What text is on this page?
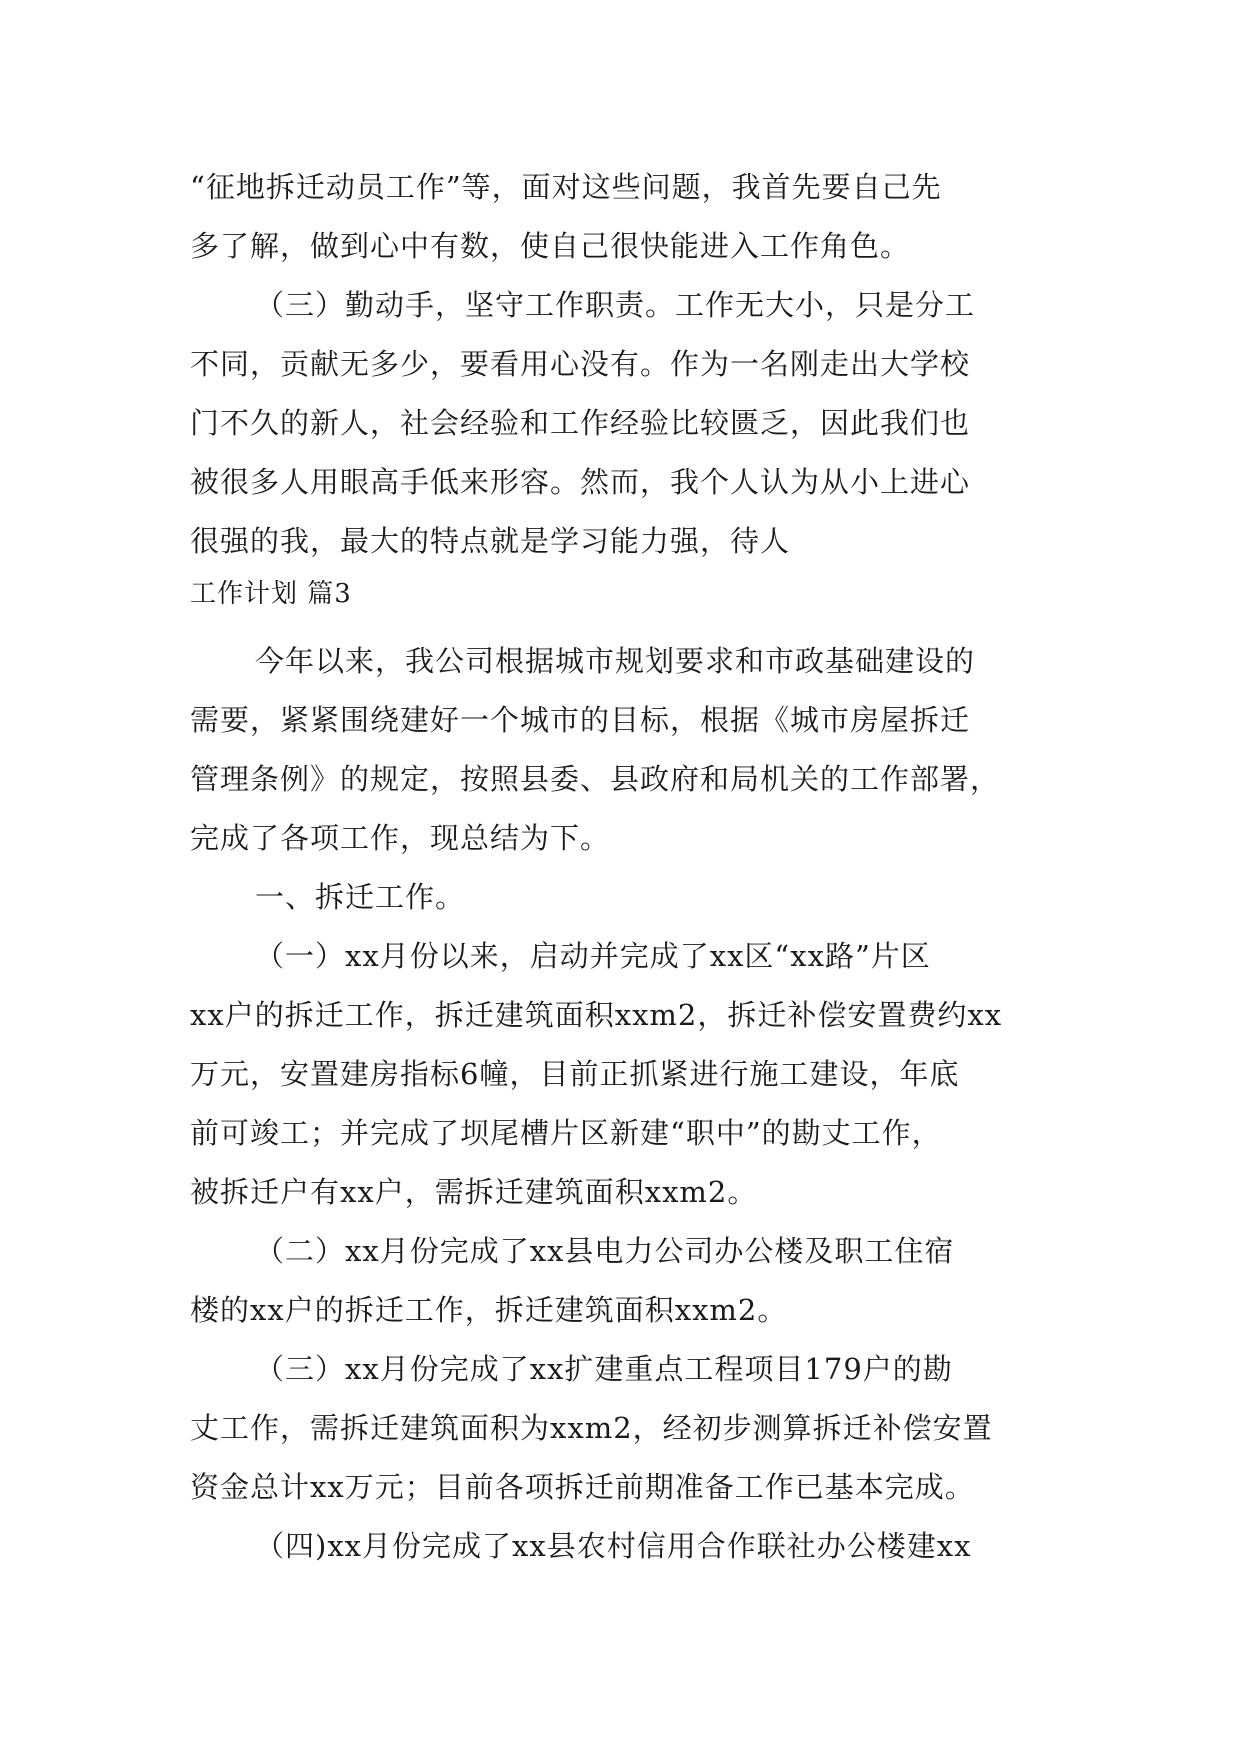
“征地拆迁动员工作”等，面对这些问题，我首先要自己先
多了解，做到心中有数，使自己很快能进入工作角色。
（三）勤动手，坚守工作职责。工作无大小，只是分工
不同，贡献无多少，要看用心没有。作为一名刚走出大学校
门不久的新人，社会经验和工作经验比较匮乏，因此我们也
被很多人用眼高手低来形容。然而，我个人认为从小上进心
很强的我，最大的特点就是学习能力强，待人
工作计划 篇3
今年以来，我公司根据城市规划要求和市政基础建设的
需要，紧紧围绕建好一个城市的目标，根据《城市房屋拆迁
管理条例》的规定，按照县委、县政府和局机关的工作部署，
完成了各项工作，现总结为下。
一、拆迁工作。
（一）xx月份以来，启动并完成了xx区“xx路”片区
xx户的拆迁工作，拆迁建筑面积xxm2，拆迁补偿安置费约xx
万元，安置建房指标6幢，目前正抓紧进行施工建设，年底
前可竣工；并完成了坝尾槽片区新建“职中”的勘丈工作，
被拆迁户有xx户，需拆迁建筑面积xxm2。
（二）xx月份完成了xx县电力公司办公楼及职工住宿
楼的xx户的拆迁工作，拆迁建筑面积xxm2。
（三）xx月份完成了xx扩建重点工程项目179户的勘
丈工作，需拆迁建筑面积为xxm2，经初步测算拆迁补偿安置
资金总计xx万元；目前各项拆迁前期准备工作已基本完成。
（四)xx月份完成了xx县农村信用合作联社办公楼建xx
